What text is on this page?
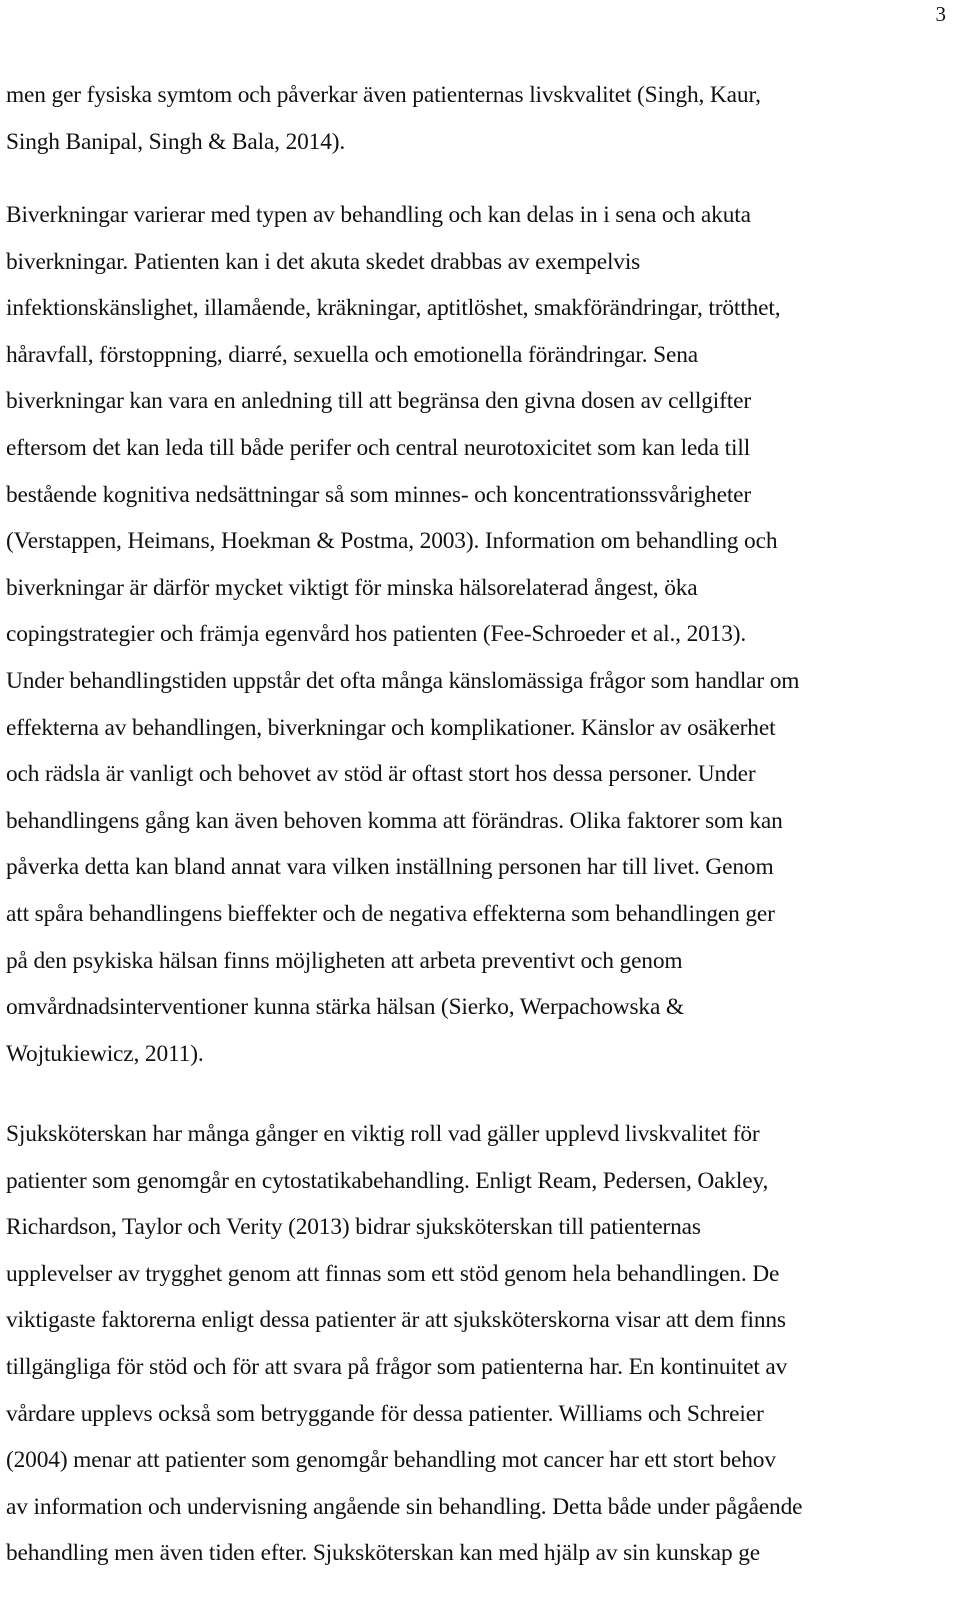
3
men ger fysiska symtom och påverkar även patienternas livskvalitet (Singh, Kaur,
Singh Banipal, Singh & Bala, 2014).
Biverkningar varierar med typen av behandling och kan delas in i sena och akuta
biverkningar. Patienten kan i det akuta skedet drabbas av exempelvis
infektionskänslighet, illamående, kräkningar, aptitlöshet, smakförändringar, trötthet,
håravfall, förstoppning, diarré, sexuella och emotionella förändringar. Sena
biverkningar kan vara en anledning till att begränsa den givna dosen av cellgifter
eftersom det kan leda till både perifer och central neurotoxicitet som kan leda till
bestående kognitiva nedsättningar så som minnes- och koncentrationssvårigheter
(Verstappen, Heimans, Hoekman & Postma, 2003). Information om behandling och
biverkningar är därför mycket viktigt för minska hälsorelaterad ångest, öka
copingstrategier och främja egenvård hos patienten (Fee-Schroeder et al., 2013).
Under behandlingstiden uppstår det ofta många känslomässiga frågor som handlar om
effekterna av behandlingen, biverkningar och komplikationer. Känslor av osäkerhet
och rädsla är vanligt och behovet av stöd är oftast stort hos dessa personer. Under
behandlingens gång kan även behoven komma att förändras. Olika faktorer som kan
påverka detta kan bland annat vara vilken inställning personen har till livet. Genom
att spåra behandlingens bieffekter och de negativa effekterna som behandlingen ger
på den psykiska hälsan finns möjligheten att arbeta preventivt och genom
omvårdnadsinterventioner kunna stärka hälsan (Sierko, Werpachowska &
Wojtukiewicz, 2011).
Sjuksköterskan har många gånger en viktig roll vad gäller upplevd livskvalitet för
patienter som genomgår en cytostatikabehandling. Enligt Ream, Pedersen, Oakley,
Richardson, Taylor och Verity (2013) bidrar sjuksköterskan till patienternas
upplevelser av trygghet genom att finnas som ett stöd genom hela behandlingen. De
viktigaste faktorerna enligt dessa patienter är att sjuksköterskorna visar att dem finns
tillgängliga för stöd och för att svara på frågor som patienterna har. En kontinuitet av
vårdare upplevs också som betryggande för dessa patienter. Williams och Schreier
(2004) menar att patienter som genomgår behandling mot cancer har ett stort behov
av information och undervisning angående sin behandling. Detta både under pågående
behandling men även tiden efter. Sjuksköterskan kan med hjälp av sin kunskap ge
